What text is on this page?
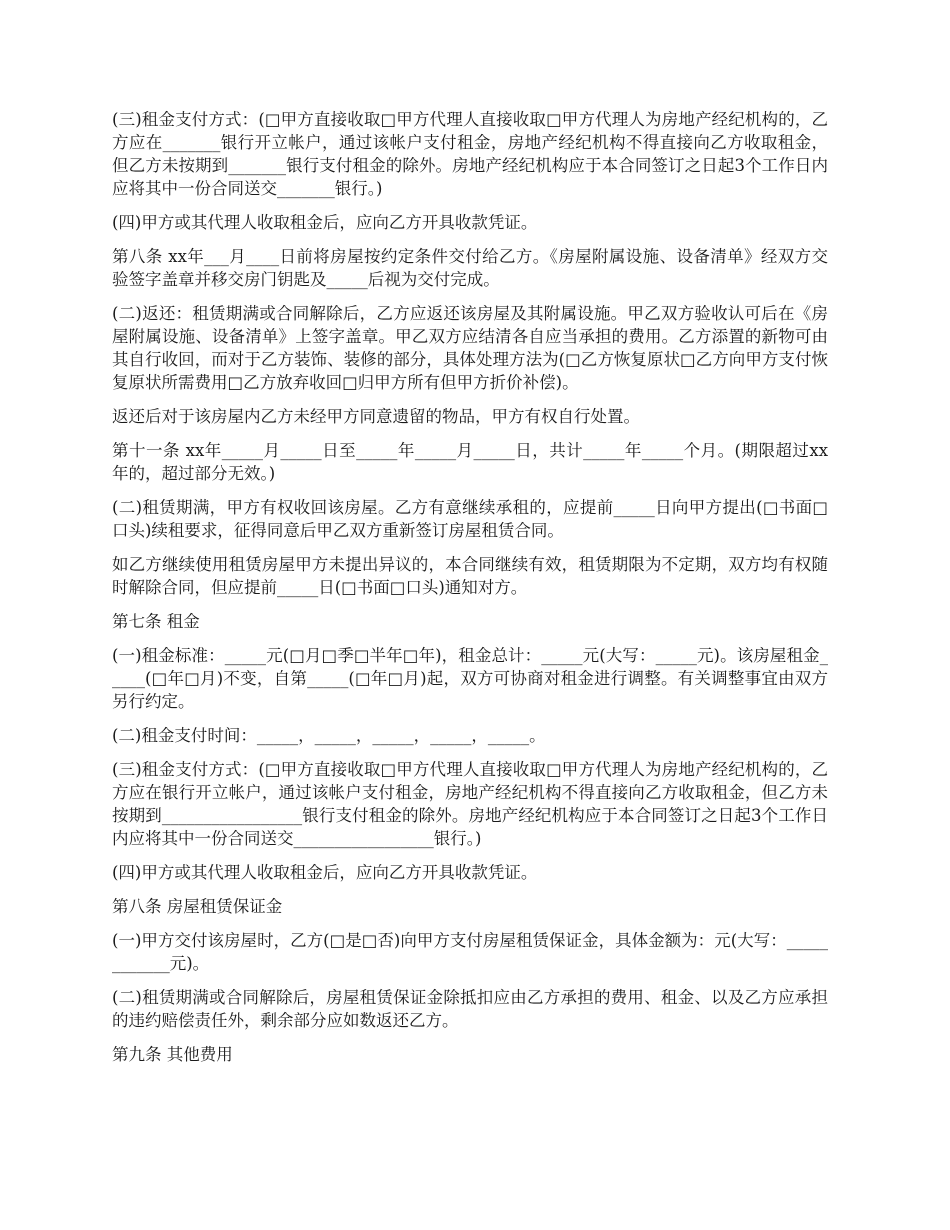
(三)租金支付方式：(□甲方直接收取□甲方代理人直接收取□甲方代理人为房地产经纪机构的，乙方应在_______银行开立帐户，通过该帐户支付租金，房地产经纪机构不得直接向乙方收取租金，但乙方未按期到_______银行支付租金的除外。房地产经纪机构应于本合同签订之日起3个工作日内应将其中一份合同送交_______银行。)

(四)甲方或其代理人收取租金后，应向乙方开具收款凭证。

第八条 xx年___月____日前将房屋按约定条件交付给乙方。《房屋附属设施、设备清单》经双方交验签字盖章并移交房门钥匙及_____后视为交付完成。

(二)返还：租赁期满或合同解除后，乙方应返还该房屋及其附属设施。甲乙双方验收认可后在《房屋附属设施、设备清单》上签字盖章。甲乙双方应结清各自应当承担的费用。乙方添置的新物可由其自行收回，而对于乙方装饰、装修的部分，具体处理方法为(□乙方恢复原状□乙方向甲方支付恢复原状所需费用□乙方放弃收回□归甲方所有但甲方折价补偿)。

返还后对于该房屋内乙方未经甲方同意遗留的物品，甲方有权自行处置。

第十一条 xx年_____月_____日至_____年_____月_____日，共计_____年_____个月。(期限超过xx年的，超过部分无效。)

(二)租赁期满，甲方有权收回该房屋。乙方有意继续承租的，应提前_____日向甲方提出(□书面□口头)续租要求，征得同意后甲乙双方重新签订房屋租赁合同。

如乙方继续使用租赁房屋甲方未提出异议的，本合同继续有效，租赁期限为不定期，双方均有权随时解除合同，但应提前_____日(□书面□口头)通知对方。

第七条 租金

(一)租金标准：_____元(□月□季□半年□年)，租金总计：_____元(大写：_____元)。该房屋租金_____(□年□月)不变，自第_____(□年□月)起，双方可协商对租金进行调整。有关调整事宜由双方另行约定。

(二)租金支付时间：_____，_____，_____，_____，_____。

(三)租金支付方式：(□甲方直接收取□甲方代理人直接收取□甲方代理人为房地产经纪机构的，乙方应在银行开立帐户，通过该帐户支付租金，房地产经纪机构不得直接向乙方收取租金，但乙方未按期到_________________银行支付租金的除外。房地产经纪机构应于本合同签订之日起3个工作日内应将其中一份合同送交_________________银行。)

(四)甲方或其代理人收取租金后，应向乙方开具收款凭证。

第八条 房屋租赁保证金

(一)甲方交付该房屋时，乙方(□是□否)向甲方支付房屋租赁保证金，具体金额为：元(大写：____________元)。

(二)租赁期满或合同解除后，房屋租赁保证金除抵扣应由乙方承担的费用、租金、以及乙方应承担的违约赔偿责任外，剩余部分应如数返还乙方。

第九条 其他费用
